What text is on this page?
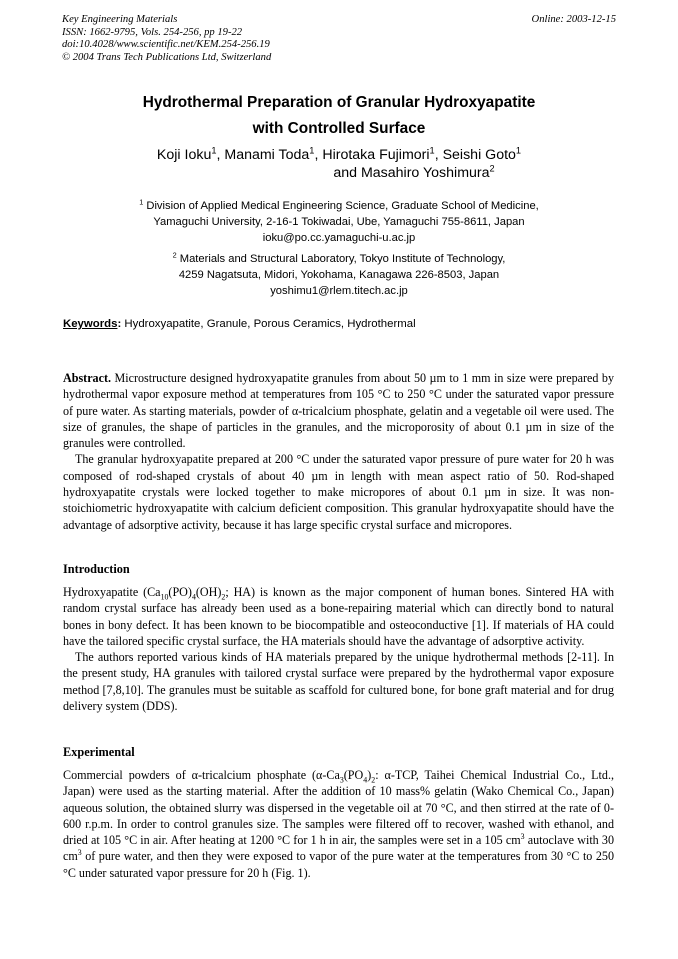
Key Engineering Materials
ISSN: 1662-9795, Vols. 254-256, pp 19-22
doi:10.4028/www.scientific.net/KEM.254-256.19
© 2004 Trans Tech Publications Ltd, Switzerland

Online: 2003-12-15
Hydrothermal Preparation of Granular Hydroxyapatite
with Controlled Surface
Koji Ioku$^1$, Manami Toda$^1$, Hirotaka Fujimori$^1$, Seishi Goto$^1$
and Masahiro Yoshimura$^2$
$^1$ Division of Applied Medical Engineering Science, Graduate School of Medicine,
Yamaguchi University, 2-16-1 Tokiwadai, Ube, Yamaguchi 755-8611, Japan
ioku@po.cc.yamaguchi-u.ac.jp
$^2$ Materials and Structural Laboratory, Tokyo Institute of Technology,
4259 Nagatsuta, Midori, Yokohama, Kanagawa 226-8503, Japan
yoshimu1@rlem.titech.ac.jp
Keywords: Hydroxyapatite, Granule, Porous Ceramics, Hydrothermal

Abstract. Microstructure designed hydroxyapatite granules from about 50 µm to 1 mm in size were prepared by hydrothermal vapor exposure method at temperatures from 105 °C to 250 °C under the saturated vapor pressure of pure water. As starting materials, powder of α-tricalcium phosphate, gelatin and a vegetable oil were used. The size of granules, the shape of particles in the granules, and the microporosity of about 0.1 µm in size of the granules were controlled.

The granular hydroxyapatite prepared at 200 °C under the saturated vapor pressure of pure water for 20 h was composed of rod-shaped crystals of about 40 µm in length with mean aspect ratio of 50. Rod-shaped hydroxyapatite crystals were locked together to make micropores of about 0.1 µm in size. It was non-stoichiometric hydroxyapatite with calcium deficient composition. This granular hydroxyapatite should have the advantage of adsorptive activity, because it has large specific crystal surface and micropores.

Introduction

Hydroxyapatite ($Ca_{10}(PO)_4(OH)_2$; HA) is known as the major component of human bones. Sintered HA with random crystal surface has already been used as a bone-repairing material which can directly bond to natural bones in bony defect. It has been known to be biocompatible and osteoconductive [1]. If materials of HA could have the tailored specific crystal surface, the HA materials should have the advantage of adsorptive activity.

The authors reported various kinds of HA materials prepared by the unique hydrothermal methods [2-11]. In the present study, HA granules with tailored crystal surface were prepared by the hydrothermal vapor exposure method [7,8,10]. The granules must be suitable as scaffold for cultured bone, for bone graft material and for drug delivery system (DDS).

Experimental

Commercial powders of α-tricalcium phosphate ($\alpha-Ca_3(PO_4)_2$: α-TCP, Taihei Chemical Industrial Co., Ltd., Japan) were used as the starting material. After the addition of 10 mass% gelatin (Wako Chemical Co., Japan) aqueous solution, the obtained slurry was dispersed in the vegetable oil at 70 °C, and then stirred at the rate of 0-600 r.p.m. In order to control granules size. The samples were filtered off to recover, washed with ethanol, and dried at 105 °C in air. After heating at 1200 °C for 1 h in air, the samples were set in a 105 $cm^3$ autoclave with 30 $cm^3$ of pure water, and then they were exposed to vapor of the pure water at the temperatures from 30 °C to 250 °C under saturated vapor pressure for 20 h (Fig. 1).
